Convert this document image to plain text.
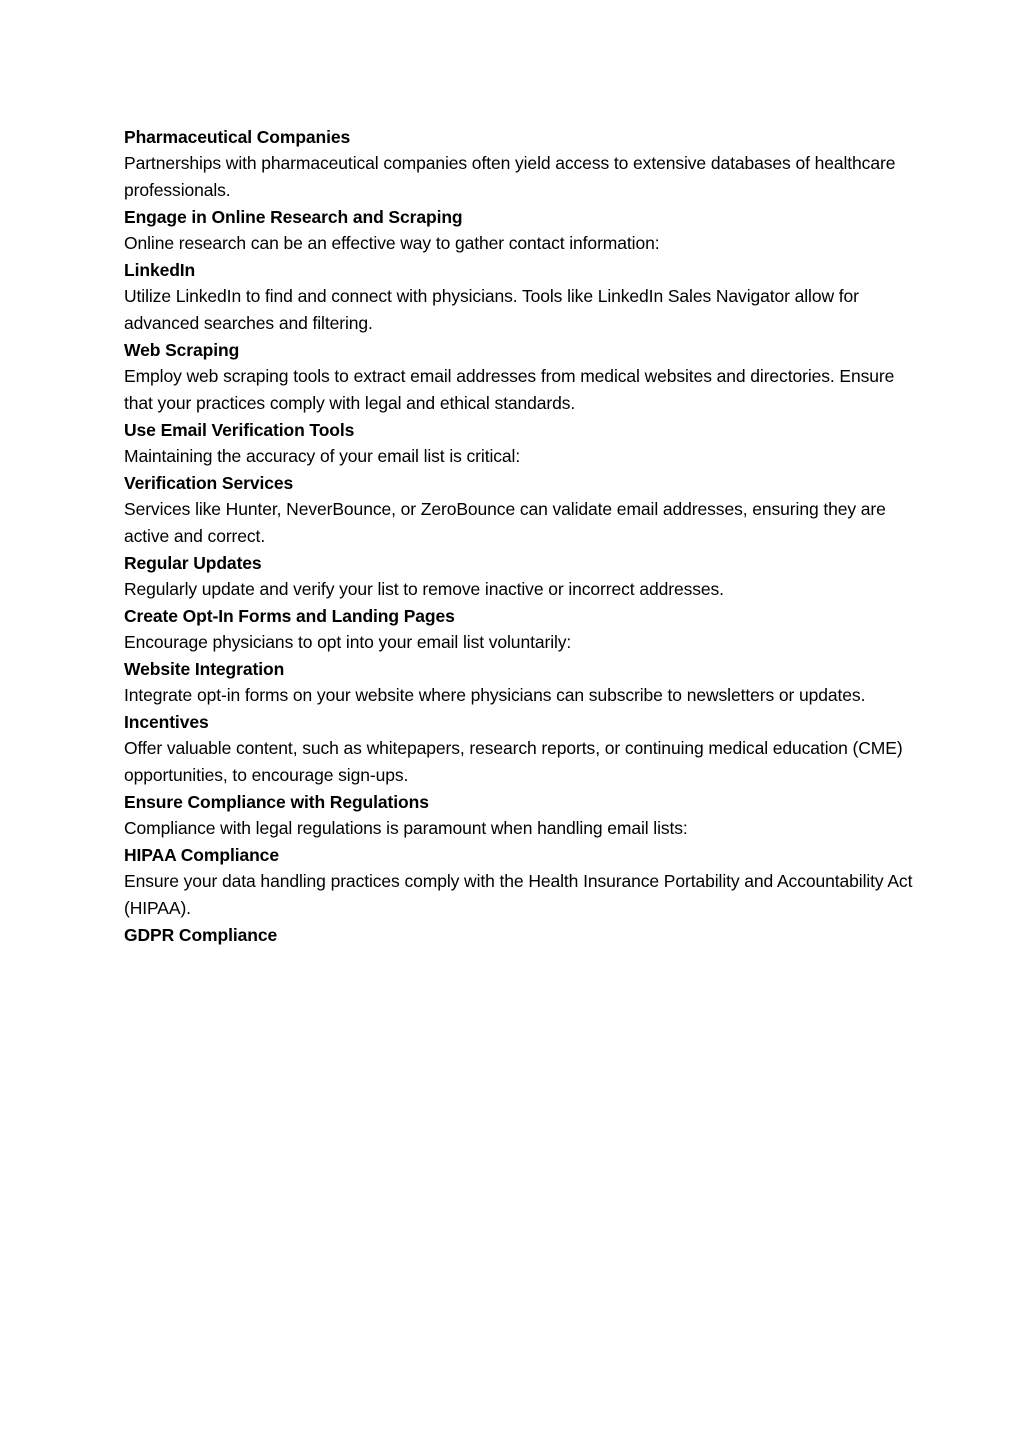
Pharmaceutical Companies

Partnerships with pharmaceutical companies often yield access to extensive databases of healthcare professionals.

Engage in Online Research and Scraping

Online research can be an effective way to gather contact information:

LinkedIn

Utilize LinkedIn to find and connect with physicians. Tools like LinkedIn Sales Navigator allow for advanced searches and filtering.

Web Scraping

Employ web scraping tools to extract email addresses from medical websites and directories. Ensure that your practices comply with legal and ethical standards.

Use Email Verification Tools

Maintaining the accuracy of your email list is critical:

Verification Services

Services like Hunter, NeverBounce, or ZeroBounce can validate email addresses, ensuring they are active and correct.

Regular Updates

Regularly update and verify your list to remove inactive or incorrect addresses.

Create Opt-In Forms and Landing Pages

Encourage physicians to opt into your email list voluntarily:

Website Integration

Integrate opt-in forms on your website where physicians can subscribe to newsletters or updates.

Incentives

Offer valuable content, such as whitepapers, research reports, or continuing medical education (CME) opportunities, to encourage sign-ups.

Ensure Compliance with Regulations

Compliance with legal regulations is paramount when handling email lists:

HIPAA Compliance

Ensure your data handling practices comply with the Health Insurance Portability and Accountability Act (HIPAA).

GDPR Compliance
